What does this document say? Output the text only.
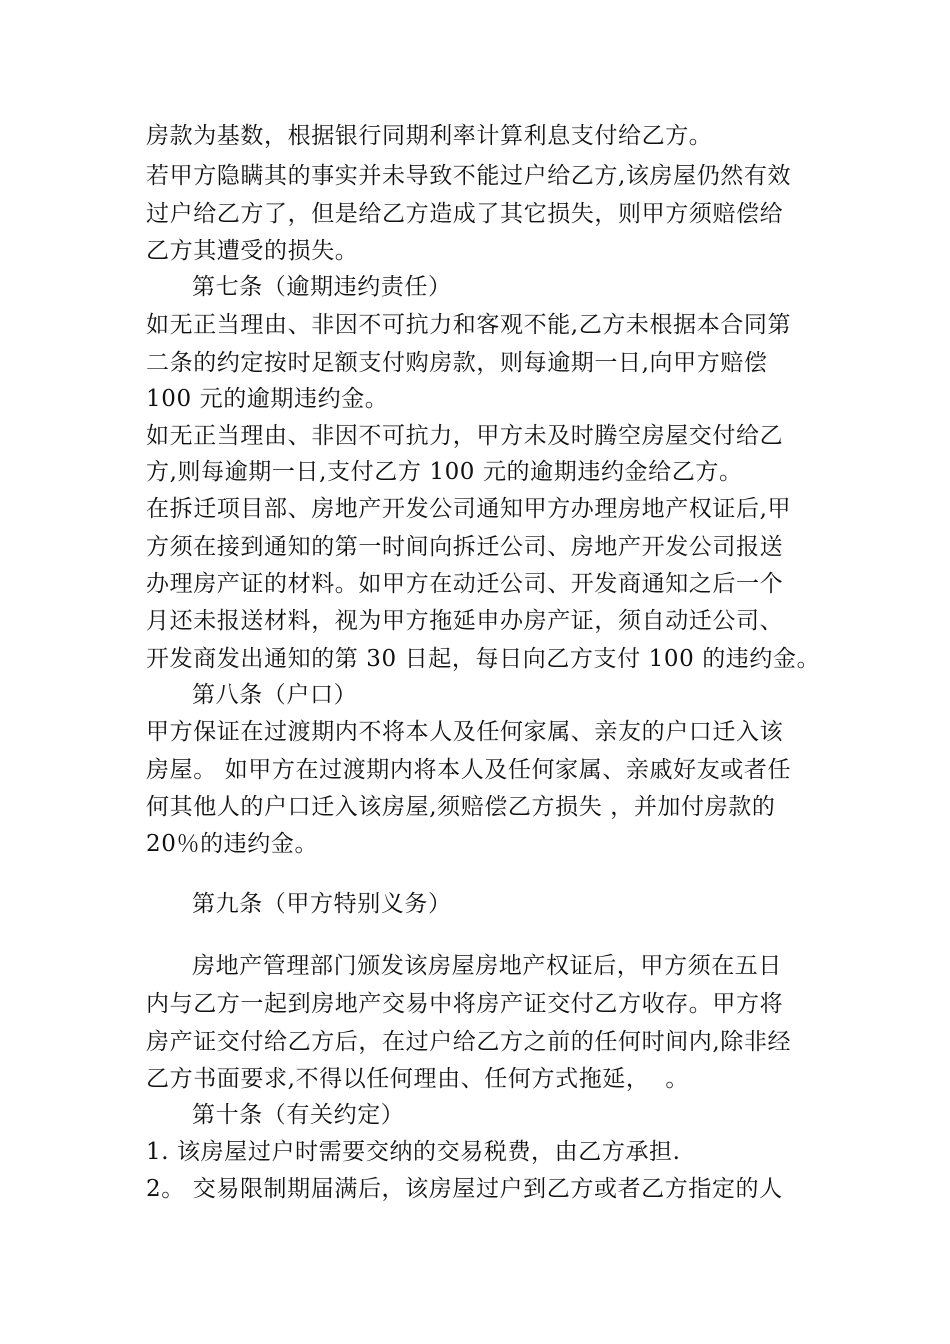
房款为基数，根据银行同期利率计算利息支付给乙方。
若甲方隐瞒其的事实并未导致不能过户给乙方,该房屋仍然有效
过户给乙方了，但是给乙方造成了其它损失，则甲方须赔偿给
乙方其遭受的损失。
第七条（逾期违约责任）
如无正当理由、非因不可抗力和客观不能,乙方未根据本合同第
二条的约定按时足额支付购房款，则每逾期一日,向甲方赔偿
100 元的逾期违约金。
如无正当理由、非因不可抗力，甲方未及时腾空房屋交付给乙
方,则每逾期一日,支付乙方 100 元的逾期违约金给乙方。
在拆迁项目部、房地产开发公司通知甲方办理房地产权证后,甲
方须在接到通知的第一时间向拆迁公司、房地产开发公司报送
办理房产证的材料。如甲方在动迁公司、开发商通知之后一个
月还未报送材料，视为甲方拖延申办房产证，须自动迁公司、
开发商发出通知的第 30 日起，每日向乙方支付 100 的违约金。
第八条（户口）
甲方保证在过渡期内不将本人及任何家属、亲友的户口迁入该
房屋。 如甲方在过渡期内将本人及任何家属、亲戚好友或者任
何其他人的户口迁入该房屋,须赔偿乙方损失 ，并加付房款的
20％的违约金。
第九条（甲方特别义务）
房地产管理部门颁发该房屋房地产权证后，甲方须在五日
内与乙方一起到房地产交易中将房产证交付乙方收存。甲方将
房产证交付给乙方后，在过户给乙方之前的任何时间内,除非经
乙方书面要求,不得以任何理由、任何方式拖延，  。
第十条（有关约定）
1. 该房屋过户时需要交纳的交易税费，由乙方承担.
2。 交易限制期届满后，该房屋过户到乙方或者乙方指定的人
